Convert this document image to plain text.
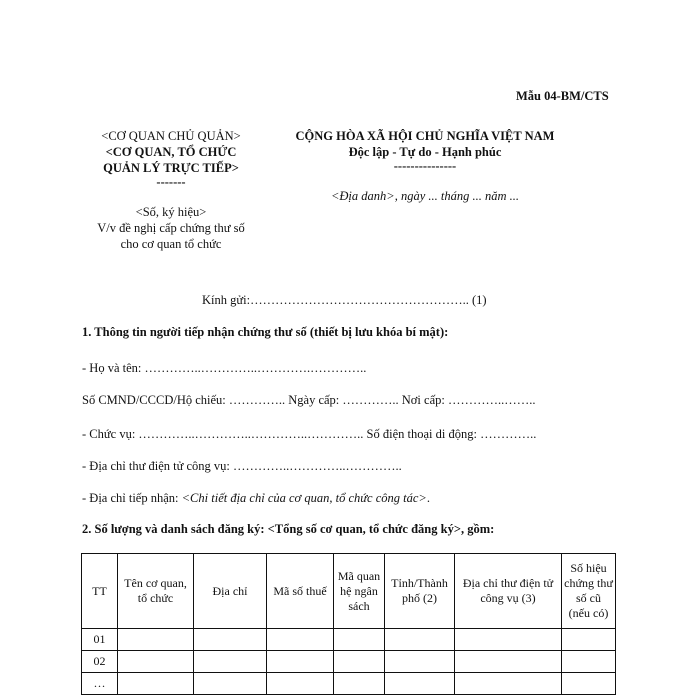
Mẫu 04-BM/CTS
<CƠ QUAN CHỦ QUẢN>
<CƠ QUAN, TỔ CHỨC
QUẢN LÝ TRỰC TIẾP>
-------
<Số, ký hiệu>
V/v đề nghị cấp chứng thư số
cho cơ quan tổ chức
CỘNG HÒA XÃ HỘI CHỦ NGHĨA VIỆT NAM
Độc lập - Tự do - Hạnh phúc
---------------
<Địa danh>, ngày ... tháng ... năm ...
Kính gửi:…………………………………………….. (1)
1. Thông tin người tiếp nhận chứng thư số (thiết bị lưu khóa bí mật):
- Họ và tên: …………..…………..………….…………..
Số CMND/CCCD/Hộ chiếu: ………….. Ngày cấp: ………….. Nơi cấp: …………..……..
- Chức vụ: …………..…………..…………..………….. Số điện thoại di động: …………..
- Địa chỉ thư điện tử công vụ: …………..…………..…………..
- Địa chỉ tiếp nhận: <Chi tiết địa chỉ của cơ quan, tổ chức công tác>.
2. Số lượng và danh sách đăng ký: <Tổng số cơ quan, tổ chức đăng ký>, gồm:
TT	Tên cơ quan, tổ chức	Địa chỉ	Mã số thuế	Mã quan hệ ngân sách	Tỉnh/Thành phố (2)	Địa chỉ thư điện tử công vụ (3)	Số hiệu chứng thư số cũ (nếu có)
01							
02							
…							
